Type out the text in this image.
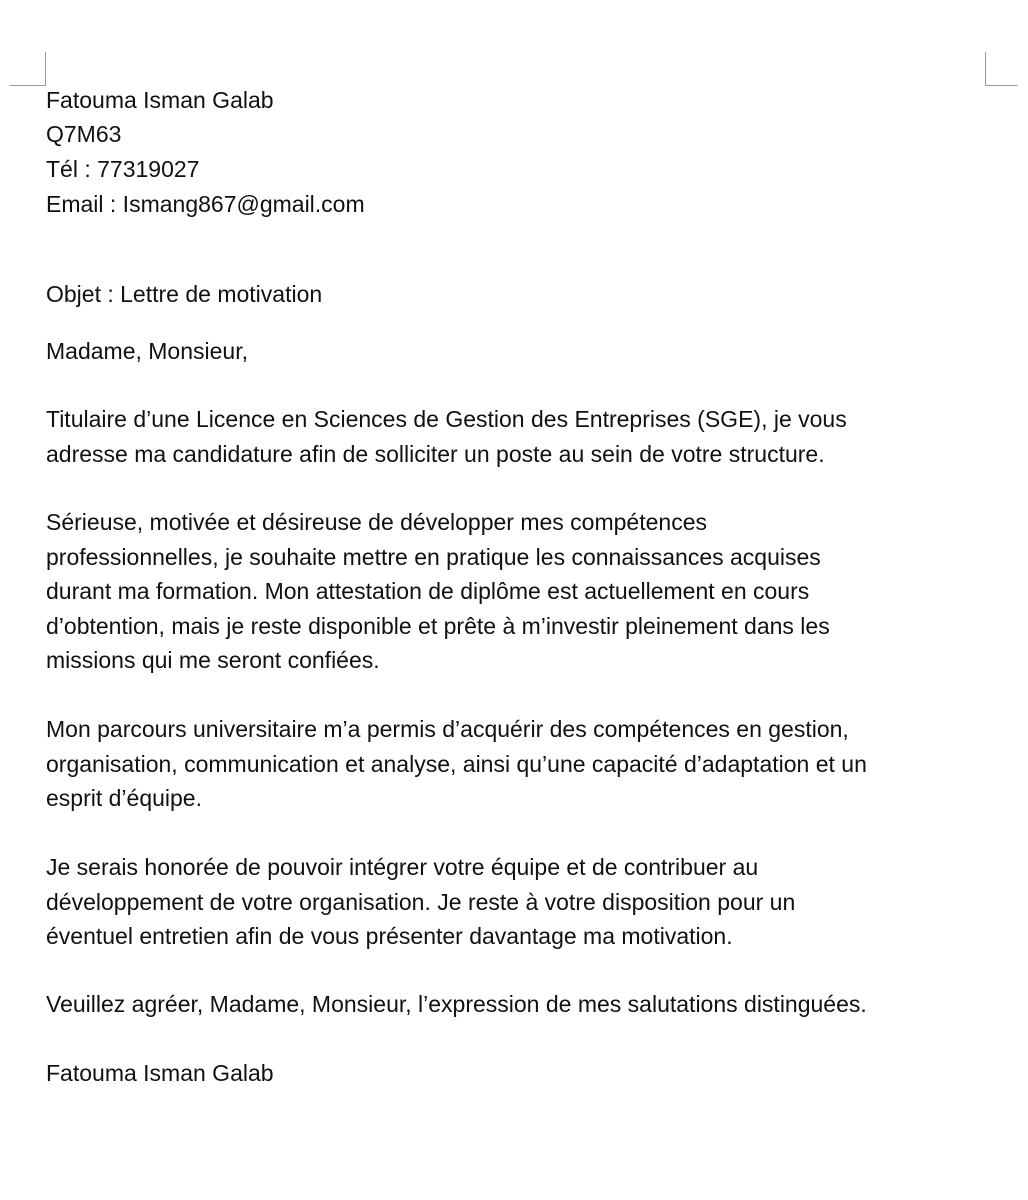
Fatouma Isman Galab

Q7M63

Tél : 77319027

Email : Ismang867@gmail.com

Objet : Lettre de motivation

Madame, Monsieur,

Titulaire d’une Licence en Sciences de Gestion des Entreprises (SGE), je vous
adresse ma candidature afin de solliciter un poste au sein de votre structure.
Sérieuse, motivée et désireuse de développer mes compétences
professionnelles, je souhaite mettre en pratique les connaissances acquises
durant ma formation. Mon attestation de diplôme est actuellement en cours
d’obtention, mais je reste disponible et prête à m’investir pleinement dans les
missions qui me seront confiées.
Mon parcours universitaire m’a permis d’acquérir des compétences en gestion,
organisation, communication et analyse, ainsi qu’une capacité d’adaptation et un
esprit d’équipe.
Je serais honorée de pouvoir intégrer votre équipe et de contribuer au
développement de votre organisation. Je reste à votre disposition pour un
éventuel entretien afin de vous présenter davantage ma motivation.

Veuillez agréer, Madame, Monsieur, l’expression de mes salutations distinguées.

Fatouma Isman Galab
